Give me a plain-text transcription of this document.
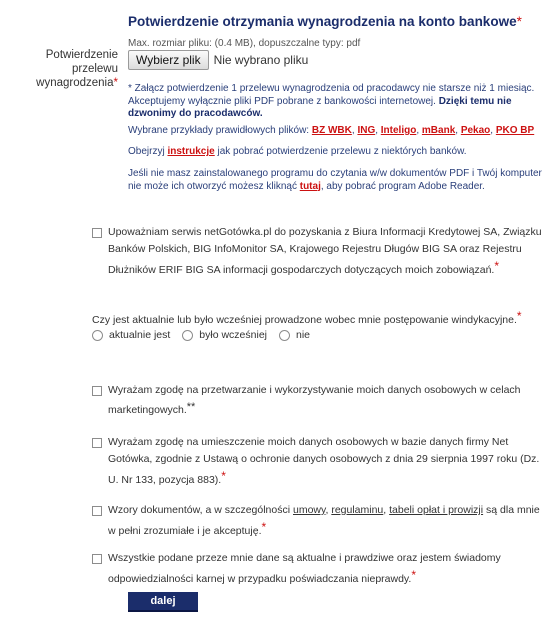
Potwierdzenie otrzymania wynagrodzenia na konto bankowe*
Potwierdzenie przelewu
wynagrodzenia*
Max. rozmiar pliku: (0.4 MB), dopuszczalne typy: pdf
Wybierz plik	Nie wybrano pliku
* Załącz potwierdzenie 1 przelewu wynagrodzenia od pracodawcy nie starsze niż 1 miesiąc. Akceptujemy wyłącznie pliki PDF pobrane z bankowości internetowej. Dzięki temu nie dzwonimy do pracodawców.
Wybrane przykłady prawidłowych plików: BZ WBK, ING, Inteligo, mBank, Pekao, PKO BP
Obejrzyj instrukcje jak pobrać potwierdzenie przelewu z niektórych banków.
Jeśli nie masz zainstalowanego programu do czytania w/w dokumentów PDF i Twój komputer nie może ich otworzyć możesz kliknąć tutaj, aby pobrać program Adobe Reader.
Upoważniam serwis netGotówka.pl do pozyskania z Biura Informacji Kredytowej SA, Związku Banków Polskich, BIG InfoMonitor SA, Krajowego Rejestru Długów BIG SA oraz Rejestru Dłużników ERIF BIG SA informacji gospodarczych dotyczących moich zobowiązań.*
Czy jest aktualnie lub było wcześniej prowadzone wobec mnie postępowanie windykacyjne.*
aktualnie jest	było wcześniej	nie
Wyrażam zgodę na przetwarzanie i wykorzystywanie moich danych osobowych w celach marketingowych.**
Wyrażam zgodę na umieszczenie moich danych osobowych w bazie danych firmy Net Gotówka, zgodnie z Ustawą o ochronie danych osobowych z dnia 29 sierpnia 1997 roku (Dz. U. Nr 133, pozycja 883).*
Wzory dokumentów, a w szczególności umowy, regulaminu, tabeli opłat i prowizji są dla mnie w pełni zrozumiałe i je akceptuję.*
Wszystkie podane przeze mnie dane są aktualne i prawdziwe oraz jestem świadomy odpowiedzialności karnej w przypadku poświadczania nieprawdy.*
dalej
